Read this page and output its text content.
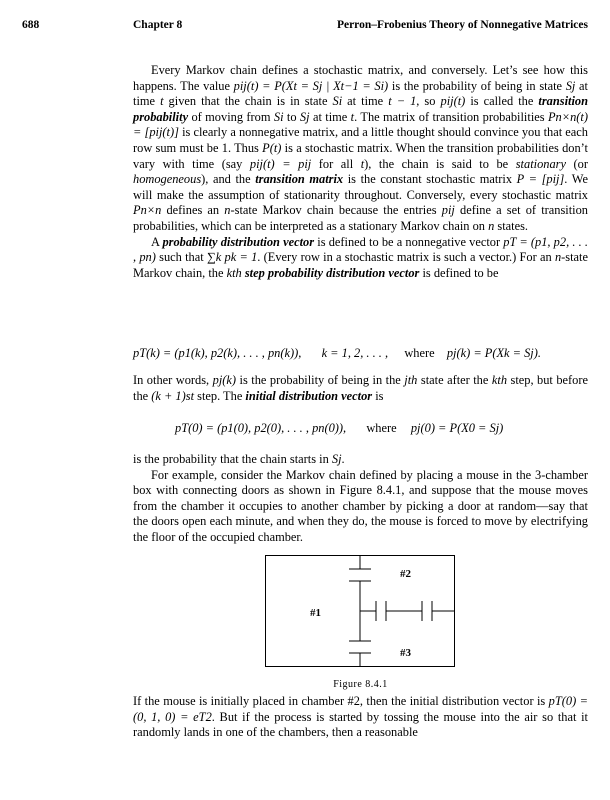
688	Chapter 8	Perron–Frobenius Theory of Nonnegative Matrices

Every Markov chain defines a stochastic matrix, and conversely. Let’s see how this happens. The value pij(t) = P(Xt = Sj | Xt−1 = Si) is the probability of being in state Sj at time t given that the chain is in state Si at time t − 1, so pij(t) is called the transition probability of moving from Si to Sj at time t. The matrix of transition probabilities Pn×n(t) = [pij(t)] is clearly a nonnegative matrix, and a little thought should convince you that each row sum must be 1. Thus P(t) is a stochastic matrix. When the transition probabilities don’t vary with time (say pij(t) = pij for all t), the chain is said to be stationary (or homogeneous), and the transition matrix is the constant stochastic matrix P = [pij]. We will make the assumption of stationarity throughout. Conversely, every stochastic matrix Pn×n defines an n-state Markov chain because the entries pij define a set of transition probabilities, which can be interpreted as a stationary Markov chain on n states.

A probability distribution vector is defined to be a nonnegative vector pT = (p1, p2, . . . , pn) such that ∑k pk = 1. (Every row in a stochastic matrix is such a vector.) For an n-state Markov chain, the kth step probability distribution vector is defined to be

pT(k) = (p1(k), p2(k), . . . , pn(k)), k = 1, 2, . . . , where pj(k) = P(Xk = Sj).

In other words, pj(k) is the probability of being in the jth state after the kth step, but before the (k + 1)st step. The initial distribution vector is

pT(0) = (p1(0), p2(0), . . . , pn(0)), where pj(0) = P(X0 = Sj)

is the probability that the chain starts in Sj.

For example, consider the Markov chain defined by placing a mouse in the 3-chamber box with connecting doors as shown in Figure 8.4.1, and suppose that the mouse moves from the chamber it occupies to another chamber by picking a door at random—say that the doors open each minute, and when they do, the mouse is forced to move by electrifying the floor of the occupied chamber.

#1
#2
#3
Figure 8.4.1

If the mouse is initially placed in chamber #2, then the initial distribution vector is pT(0) = (0, 1, 0) = eT2. But if the process is started by tossing the mouse into the air so that it randomly lands in one of the chambers, then a reasonable
